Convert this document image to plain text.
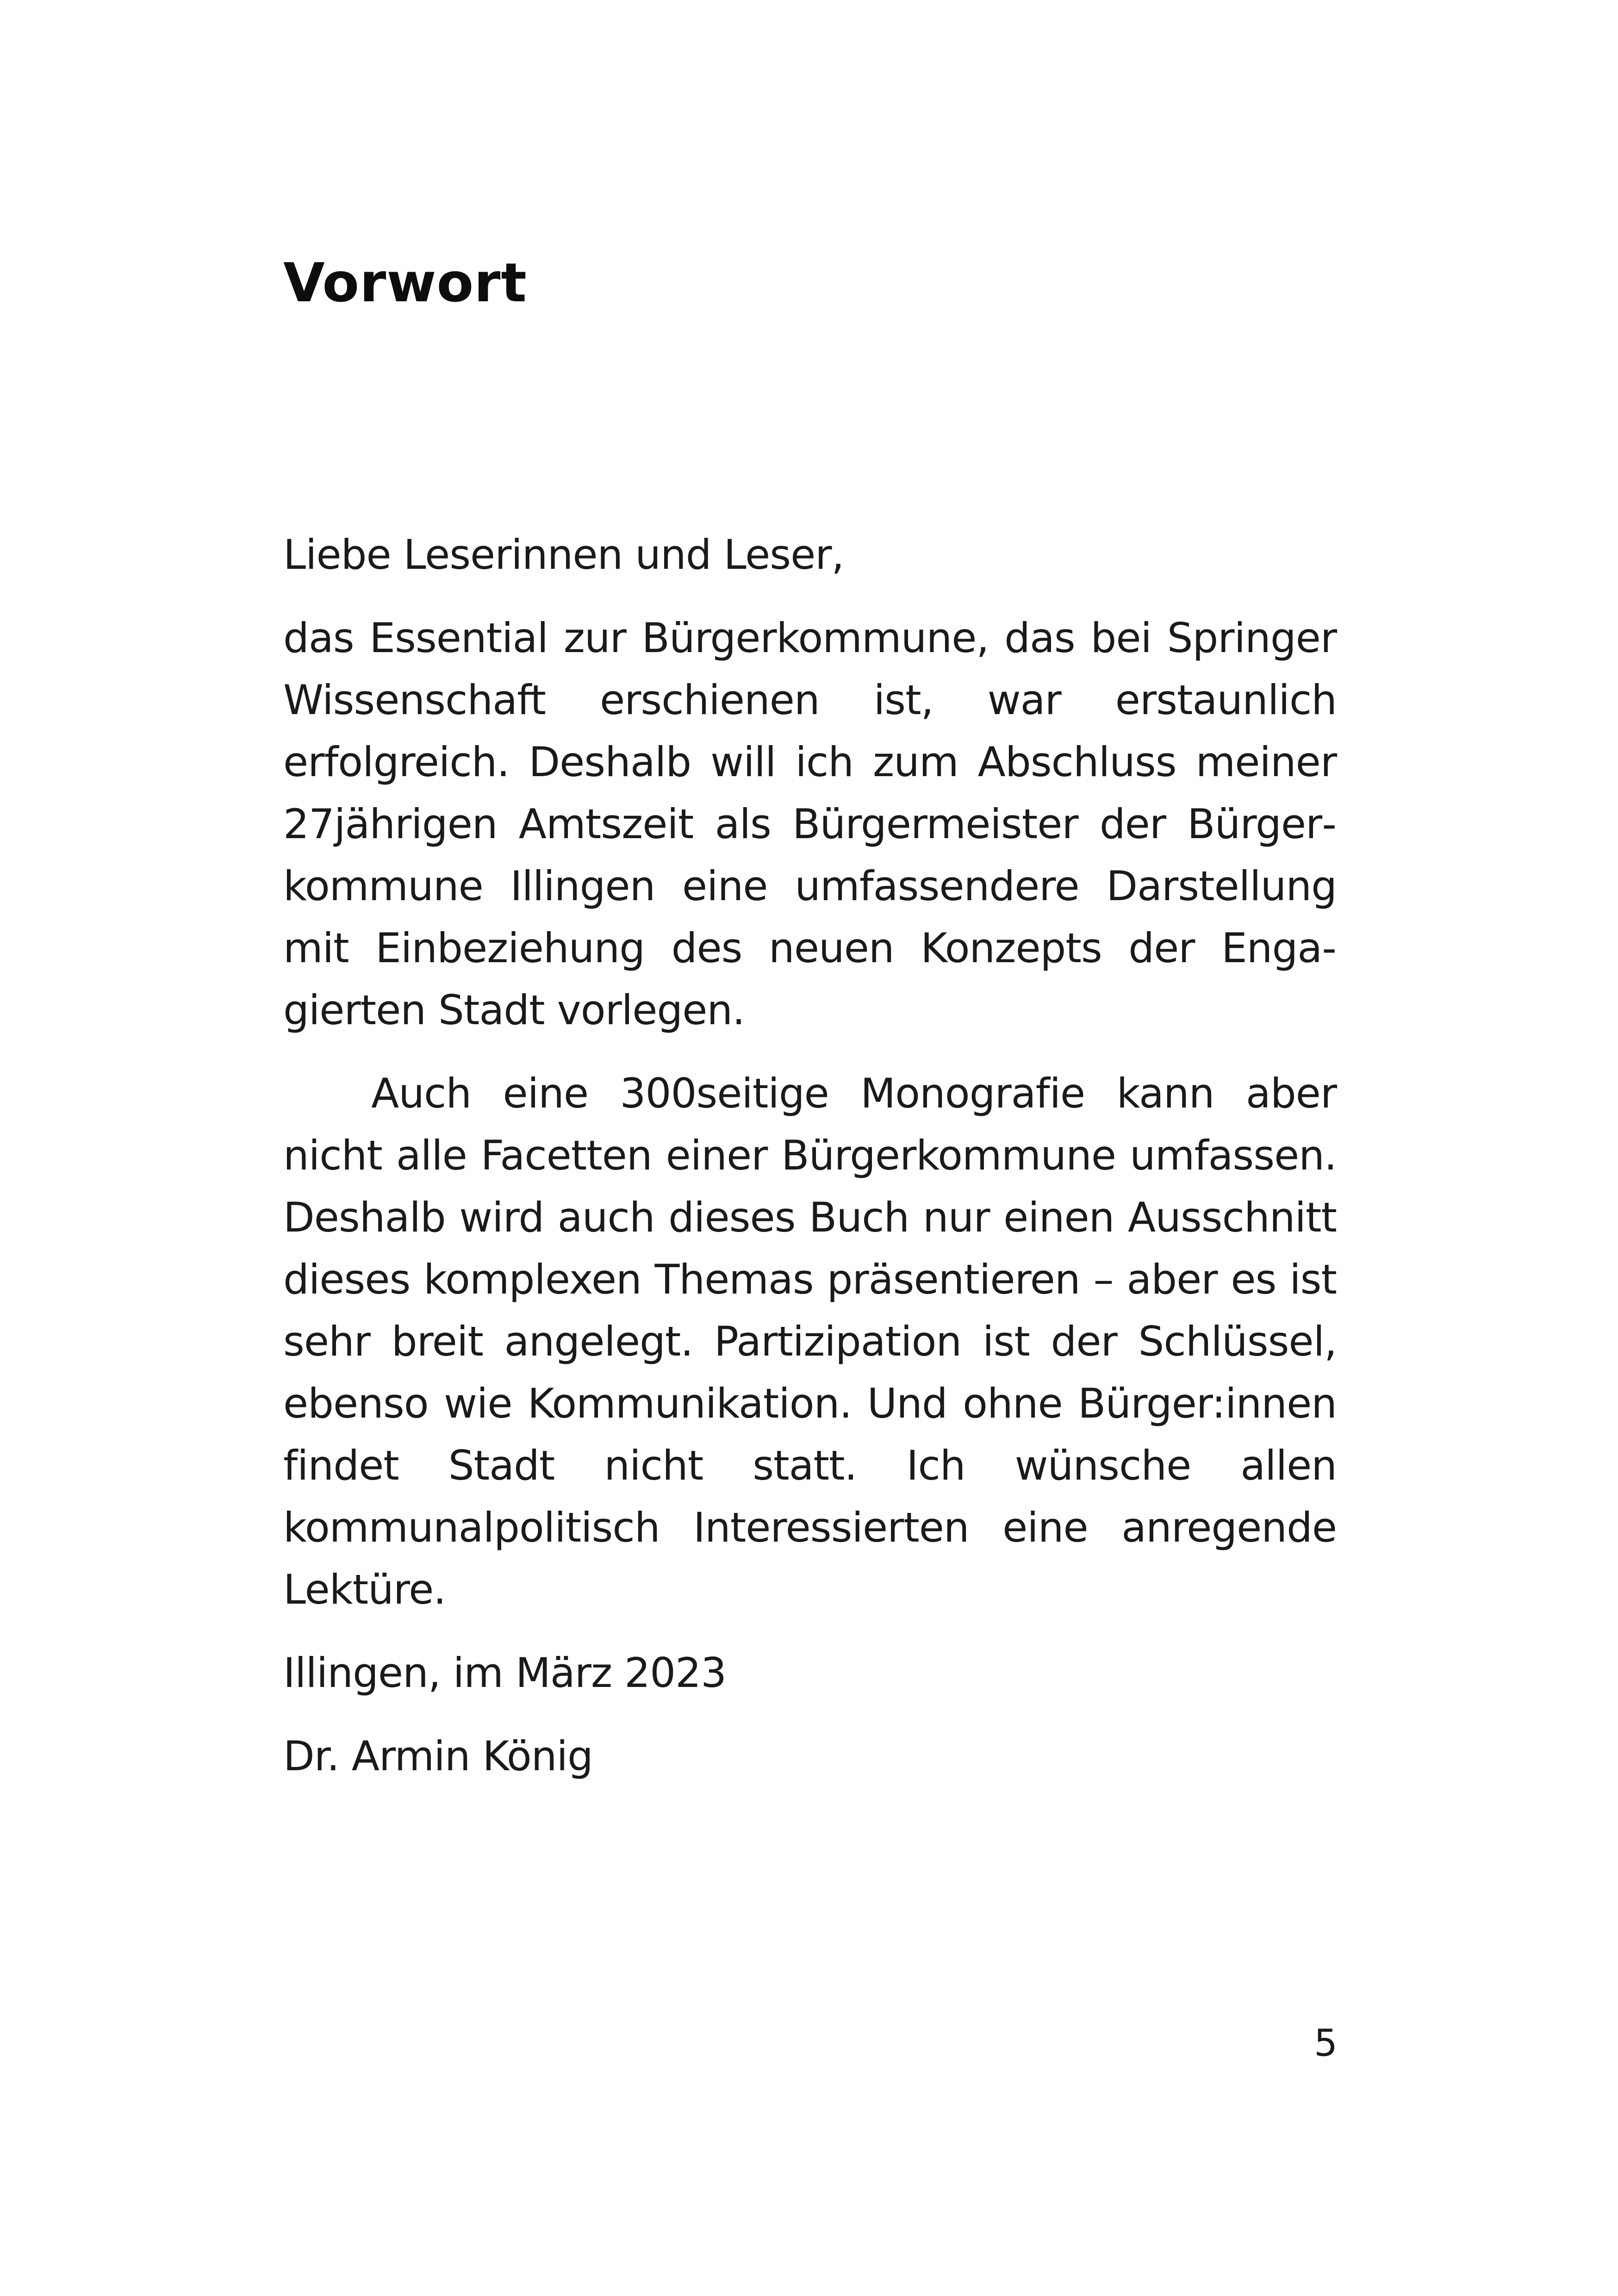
Vorwort

Liebe Leserinnen und Leser,

das Essential zur Bürgerkommune, das bei Springer Wissenschaft erschienen ist, war erstaunlich erfolgreich. Deshalb will ich zum Abschluss meiner 27jährigen Amtszeit als Bürgermeister der Bürgerkommune Illingen eine umfassendere Darstellung mit Einbeziehung des neuen Konzepts der Engagierten Stadt vorlegen.

Auch eine 300seitige Monografie kann aber nicht alle Facetten einer Bürgerkommune umfassen. Deshalb wird auch dieses Buch nur einen Ausschnitt dieses komplexen Themas präsentieren – aber es ist sehr breit angelegt. Partizipation ist der Schlüssel, ebenso wie Kommunikation. Und ohne Bürger:innen findet Stadt nicht statt. Ich wünsche allen kommunalpolitisch Interessierten eine anregende Lektüre.

Illingen, im März 2023

Dr. Armin König

5
